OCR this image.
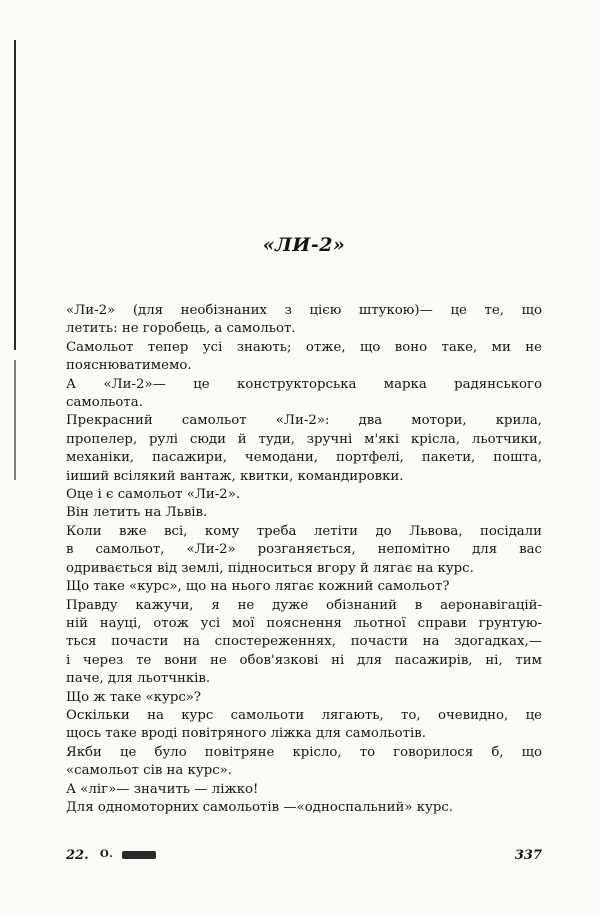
«ЛИ-2»
«Ли-2» (для необізнаних з цією штукою)— це те, що
летить: не горобець, а самольот.
Самольот тепер усі знають; отже, що воно таке, ми не
пояснюватимемо.
А «Ли-2»— це конструкторська марка радянського
самольота.
Прекрасний самольот «Ли-2»: два мотори, крила,
пропелер, рулі сюди й туди, зручні м'які крісла, льотчики,
механіки, пасажири, чемодани, портфелі, пакети, пошта,
іиший всілякий вантаж, квитки, командировки.
Оце і є самольот «Ли-2».
Він летить на Львів.
Коли вже всі, кому треба летіти до Львова, посідали
в самольот, «Ли-2» розганяється, непомітно для вас
одривається від землі, підноситься вгору й лягає на курс.
Що таке «курс», що на нього лягає кожний самольот?
Правду кажучи, я не дуже обізнаний в аеронавігацій-
ній науці, отож усі мої пояснення льотної справи грунтую-
ться почасти на спостереженнях, почасти на здогадках,—
і через те вони не обов'язкові ні для пасажирів, ні, тим
паче, для льотчнків.
Що ж таке «курс»?
Оскільки на курс самольоти лягають, то, очевидно, це
щось таке вроді повітряного ліжка для самольотів.
Якби це було повітряне крісло, то говорилося б, що
«самольот сів на курс».
А «ліг»— значить — ліжко!
Для одномоторних самольотів —«односпальний» курс.
22. О.	337
